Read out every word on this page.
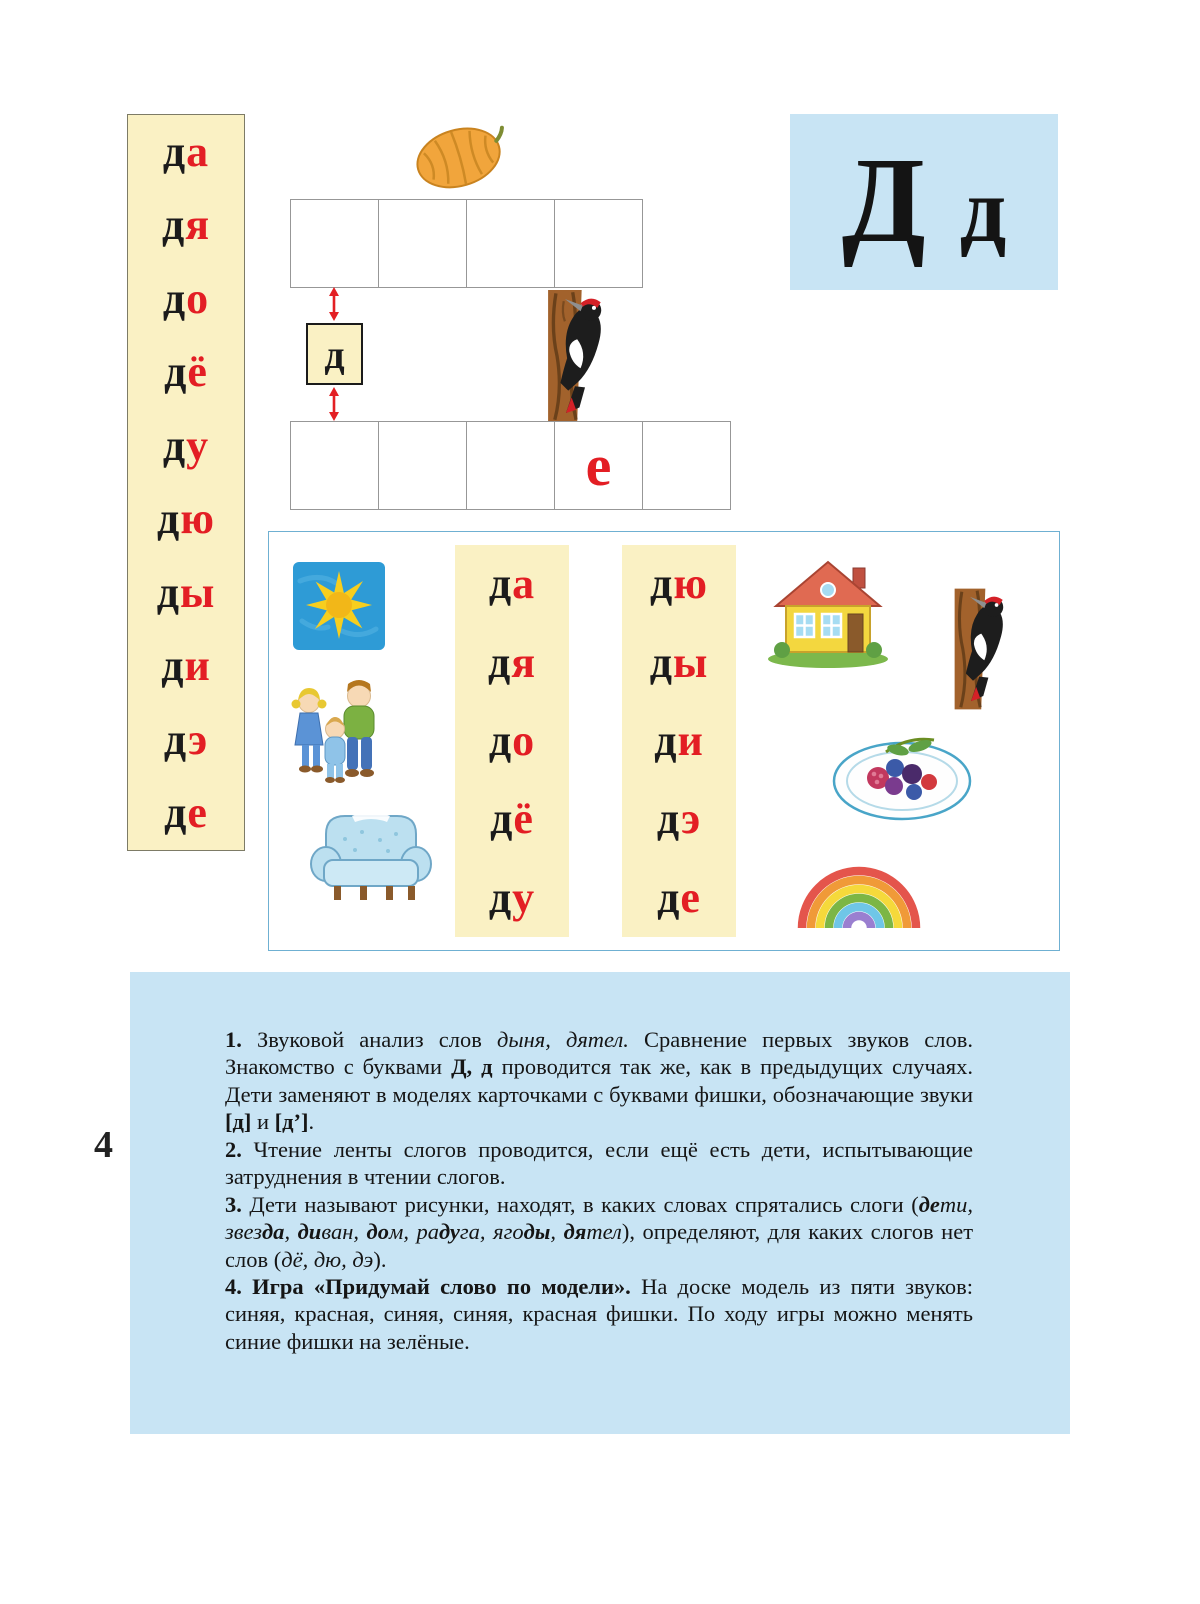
да
дя
до
дё
ду
дю
ды
ди
дэ
де
д
е
Д д
да
дя
до
дё
ду
дю
ды
ди
дэ
де

1. Звуковой анализ слов дыня, дятел. Сравнение первых звуков слов. Знакомство с буквами Д, д проводится так же, как в предыдущих случаях. Дети заменяют в моделях карточками с буквами фишки, обозначающие звуки [д] и [д’].

2. Чтение ленты слогов проводится, если ещё есть дети, испытывающие затруднения в чтении слогов.

3. Дети называют рисунки, находят, в каких словах спрятались слоги (дети, звезда, диван, дом, радуга, ягоды, дятел), определяют, для каких слогов нет слов (дё, дю, дэ).

4. Игра «Придумай слово по модели». На доске модель из пяти звуков: синяя, красная, синяя, синяя, красная фишки. По ходу игры можно менять синие фишки на зелёные.

4
